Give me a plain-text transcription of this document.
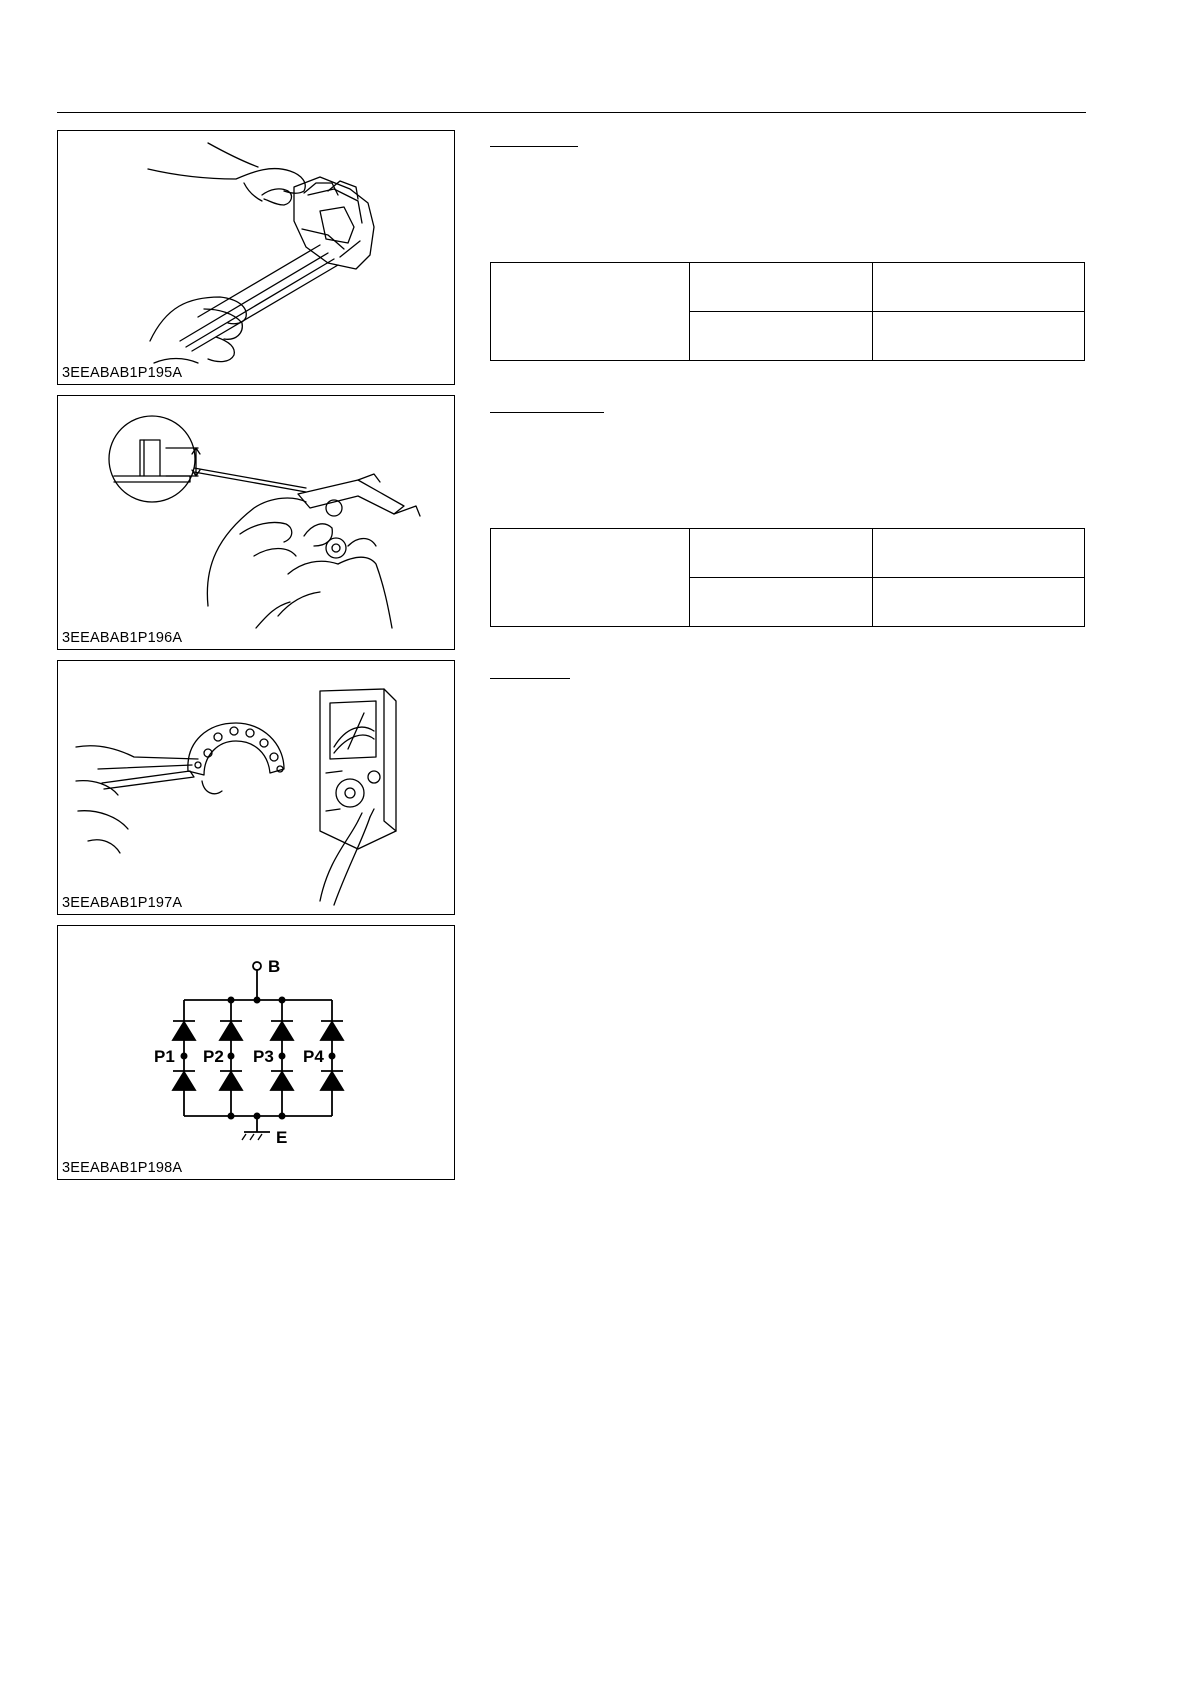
3EEABAB1P195A
3EEABAB1P196A
3EEABAB1P197A
B
E
P1 P2 P3 P4
3EEABAB1P198A
